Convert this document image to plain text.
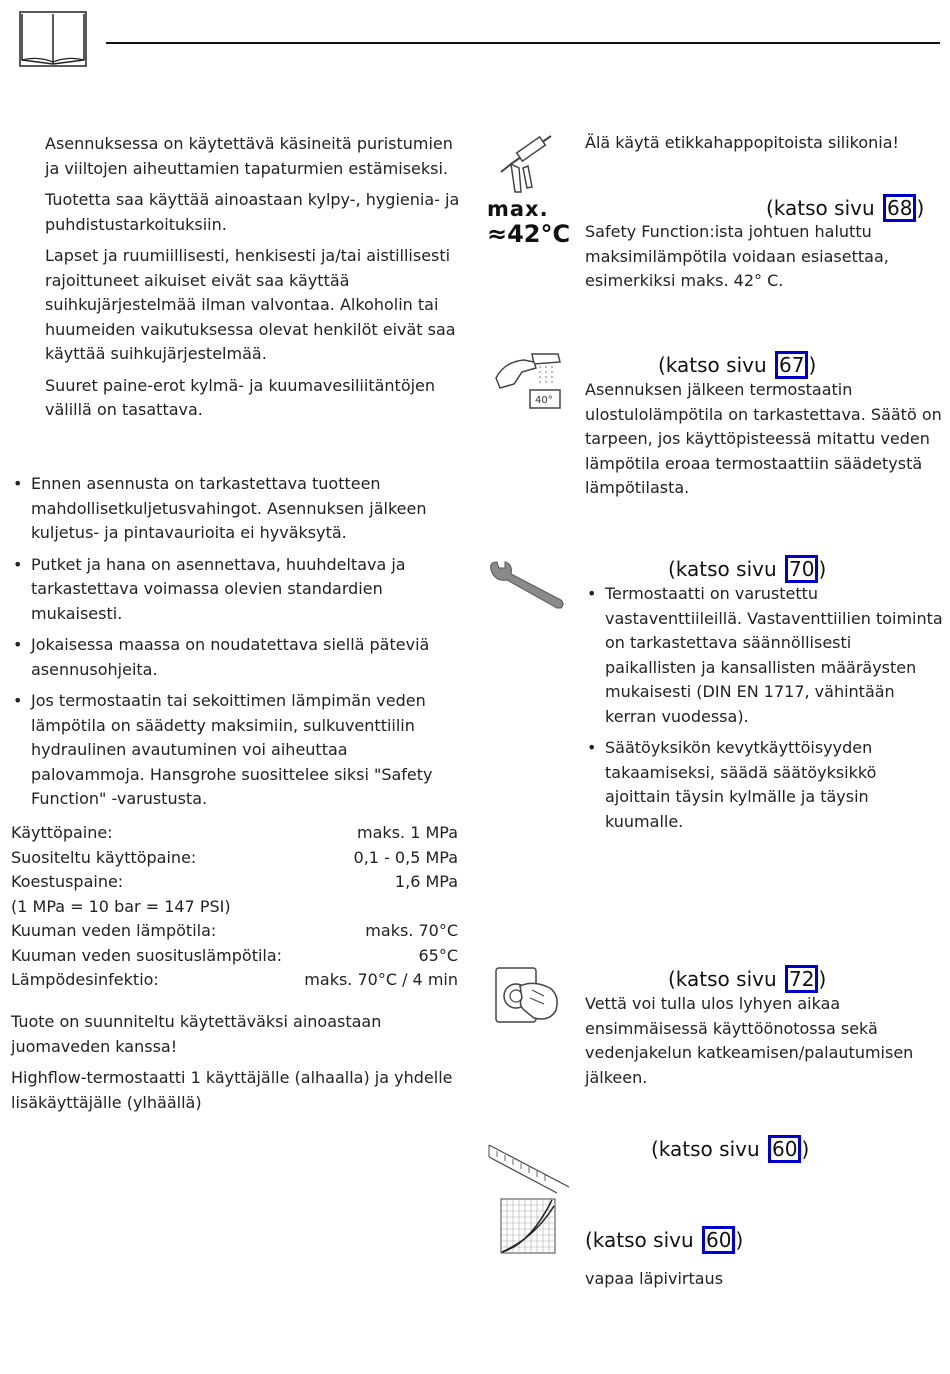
Asennuksessa on käytettävä käsineitä puristumien ja viiltojen aiheuttamien tapaturmien estämiseksi.

Tuotetta saa käyttää ainoastaan kylpy-, hygienia- ja puhdistustarkoituksiin.

Lapset ja ruumiillisesti, henkisesti ja/tai aistillisesti rajoittuneet aikuiset eivät saa käyttää suihkujärjestelmää ilman valvontaa. Alkoholin tai huumeiden vaikutuksessa olevat henkilöt eivät saa käyttää suihkujärjestelmää.

Suuret paine-erot kylmä- ja kuumavesiliitäntöjen välillä on tasattava.

• Ennen asennusta on tarkastettava tuotteen mahdollisetkuljetusvahingot. Asennuksen jälkeen kuljetus- ja pintavaurioita ei hyväksytä.
• Putket ja hana on asennettava, huuhdeltava ja tarkastettava voimassa olevien standardien mukaisesti.
• Jokaisessa maassa on noudatettava siellä päteviä asennusohjeita.
• Jos termostaatin tai sekoittimen lämpimän veden lämpötila on säädetty maksimiin, sulkuventtiilin hydraulinen avautuminen voi aiheuttaa palovammoja. Hansgrohe suosittelee siksi "Safety Function" -varustusta.
Käyttöpaine:	maks. 1 MPa
Suositeltu käyttöpaine:	0,1 - 0,5 MPa
Koestuspaine:	1,6 MPa
(1 MPa = 10 bar = 147 PSI)
Kuuman veden lämpötila:	maks. 70°C
Kuuman veden suosituslämpötila:	65°C
Lämpödesinfektio:	maks. 70°C / 4 min

Tuote on suunniteltu käytettäväksi ainoastaan juomaveden kanssa!

Highflow-termostaatti 1 käyttäjälle (alhaalla) ja yhdelle lisäkäyttäjälle (ylhäällä)

Älä käytä etikkahappopitoista silikonia!
max.
≈42°C
(katso sivu 68 )
Safety Function:ista johtuen haluttu maksimilämpötila voidaan esiasettaa, esimerkiksi maks. 42° C.
40°
(katso sivu 67 )
Asennuksen jälkeen termostaatin ulostulolämpötila on tarkastettava. Säätö on tarpeen, jos käyttöpisteessä mitattu veden lämpötila eroaa termostaattiin säädetystä lämpötilasta.
(katso sivu 70 )
• Termostaatti on varustettu vastaventtiileillä. Vastaventtiilien toiminta on tarkastettava säännöllisesti paikallisten ja kansallisten määräysten mukaisesti (DIN EN 1717, vähintään kerran vuodessa).
• Säätöyksikön kevytkäyttöisyyden takaamiseksi, säädä säätöyksikkö ajoittain täysin kylmälle ja täysin kuumalle.
(katso sivu 72 )
Vettä voi tulla ulos lyhyen aikaa ensimmäisessä käyttöönotossa sekä vedenjakelun katkeamisen/palautumisen jälkeen.
(katso sivu 60 )
(katso sivu 60 )
vapaa läpivirtaus
